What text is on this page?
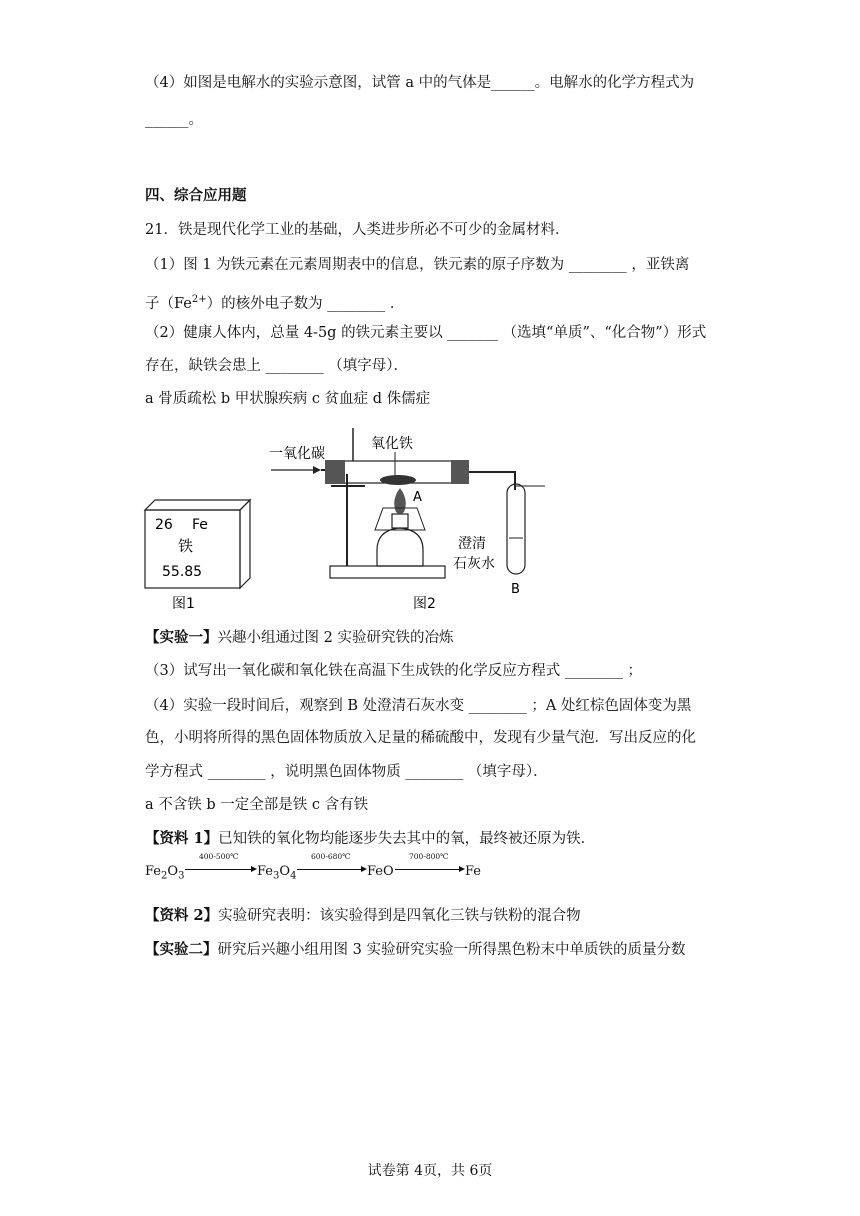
（4）如图是电解水的实验示意图，试管 a 中的气体是______。电解水的化学方程式为
______。
四、综合应用题
21．铁是现代化学工业的基础，人类进步所必不可少的金属材料．
（1）图 1 为铁元素在元素周期表中的信息，铁元素的原子序数为 ________ ，亚铁离
子$(Fe^{2+})$的核外电子数为 ________ ．
（2）健康人体内，总量 4-5g 的铁元素主要以 _______ （选填“单质”、“化合物”）形式
存在，缺铁会患上 ________ （填字母）．
a 骨质疏松 b 甲状腺疾病 c 贫血症 d 侏儒症
26 Fe
铁
55.85
图1
一氧化碳
氧化铁
A
澄清
石灰水
B
图2
【实验一】兴趣小组通过图 2 实验研究铁的冶炼
（3）试写出一氧化碳和氧化铁在高温下生成铁的化学反应方程式 ________ ；
（4）实验一段时间后，观察到 B 处澄清石灰水变 ________ ；A 处红棕色固体变为黑
色，小明将所得的黑色固体物质放入足量的稀硫酸中，发现有少量气泡．写出反应的化
学方程式 ________ ，说明黑色固体物质 ________ （填字母）．
a 不含铁 b 一定全部是铁 c 含有铁
【资料 1】已知铁的氧化物均能逐步失去其中的氧，最终被还原为铁．
$Fe_2O_3$
400-500℃
$Fe_3O_4$
600-680℃
FeO
700-800℃
Fe
【资料 2】实验研究表明：该实验得到是四氧化三铁与铁粉的混合物
【实验二】研究后兴趣小组用图 3 实验研究实验一所得黑色粉末中单质铁的质量分数
试卷第 4页，共 6页
